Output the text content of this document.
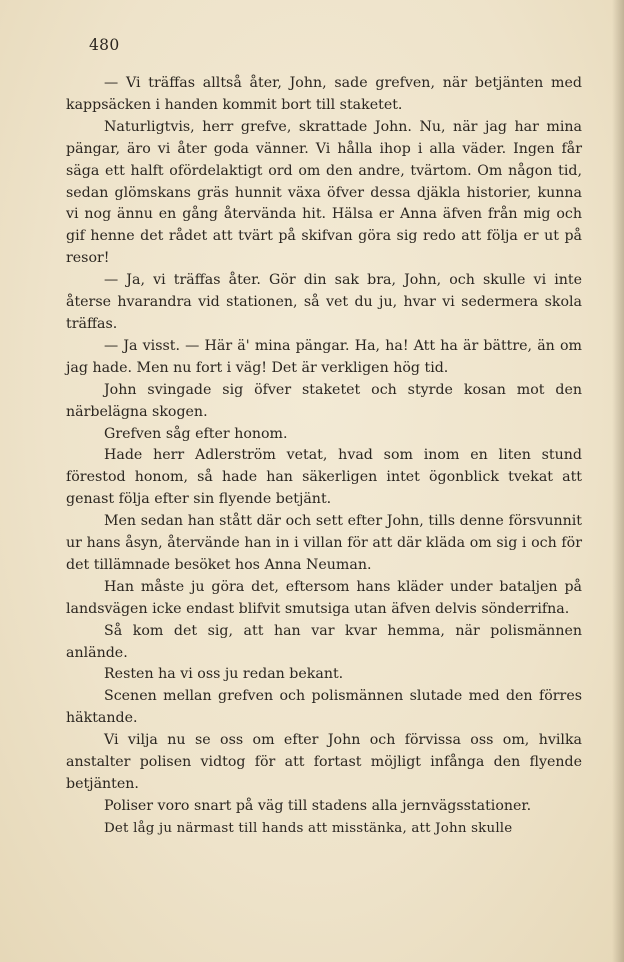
480

— Vi träffas alltså åter, John, sade grefven, när betjänten med kappsäcken i handen kommit bort till staketet.

Naturligtvis, herr grefve, skrattade John. Nu, när jag har mina pängar, äro vi åter goda vänner. Vi hålla ihop i alla väder. Ingen får säga ett halft ofördelaktigt ord om den andre, tvärtom. Om någon tid, sedan glömskans gräs hunnit växa öfver dessa djäkla historier, kunna vi nog ännu en gång återvända hit. Hälsa er Anna äfven från mig och gif henne det rådet att tvärt på skifvan göra sig redo att följa er ut på resor!

— Ja, vi träffas åter. Gör din sak bra, John, och skulle vi inte återse hvarandra vid stationen, så vet du ju, hvar vi sedermera skola träffas.

— Ja visst. — Här ä' mina pängar. Ha, ha! Att ha är bättre, än om jag hade. Men nu fort i väg! Det är verkligen hög tid.

John svingade sig öfver staketet och styrde kosan mot den närbelägna skogen.

Grefven såg efter honom.

Hade herr Adlerström vetat, hvad som inom en liten stund förestod honom, så hade han säkerligen intet ögonblick tvekat att genast följa efter sin flyende betjänt.

Men sedan han stått där och sett efter John, tills denne försvunnit ur hans åsyn, återvände han in i villan för att där kläda om sig i och för det tillämnade besöket hos Anna Neuman.

Han måste ju göra det, eftersom hans kläder under bataljen på landsvägen icke endast blifvit smutsiga utan äfven delvis sönderrifna.

Så kom det sig, att han var kvar hemma, när polismännen anlände.

Resten ha vi oss ju redan bekant.

Scenen mellan grefven och polismännen slutade med den förres häktande.

Vi vilja nu se oss om efter John och förvissa oss om, hvilka anstalter polisen vidtog för att fortast möjligt infånga den flyende betjänten.

Poliser voro snart på väg till stadens alla jernvägsstationer.

Det låg ju närmast till hands att misstänka, att John skulle
